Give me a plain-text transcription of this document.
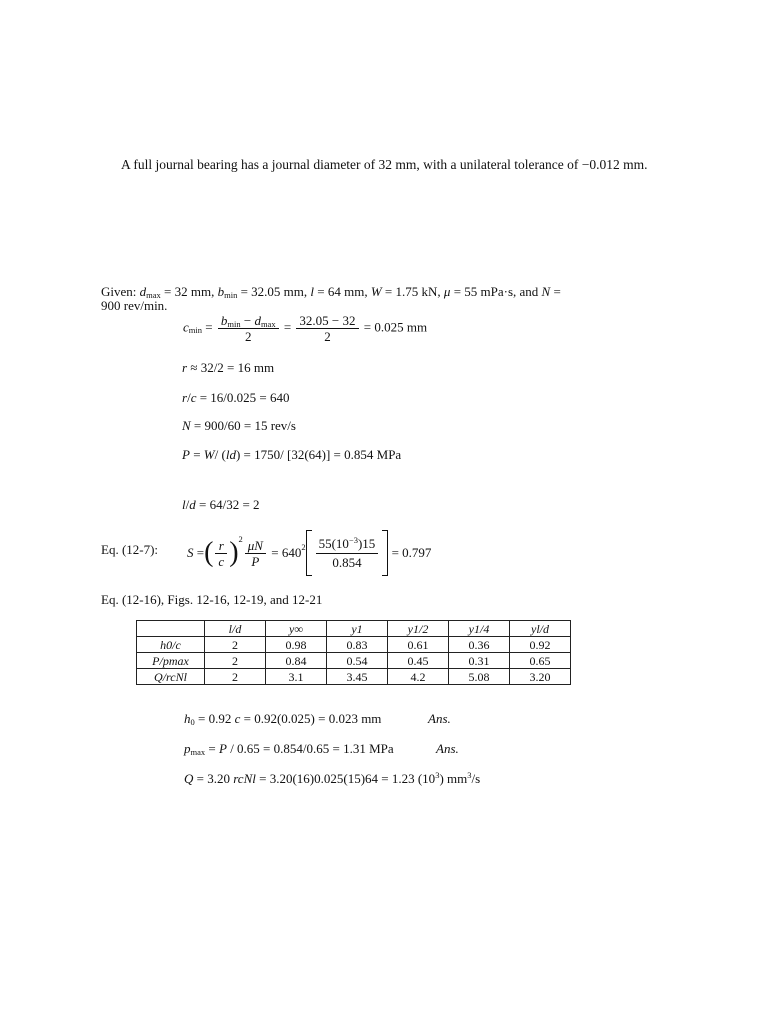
A full journal bearing has a journal diameter of 32 mm, with a unilateral tolerance of −0.012 mm.
Given: $d_{max} = 32$ mm, $b_{min} = 32.05$ mm, l = 64 mm, W = 1.75 kN, μ = 55 mPa·s, and N =
900 rev/min.
$c_{min} = \frac{b_{min} - d_{max}}{2} = \frac{32.05 - 32}{2} = 0.025$ mm
r ≈ 32/2 = 16 mm
r/c = 16/0.025 = 640
N = 900/60 = 15 rev/s
P = W/ (ld) = 1750/ [32(64)] = 0.854 MPa
l/d = 64/32 = 2
Eq. (12-7): S =( $\frac{r}{c} )^2 \frac{\mu N}{P} = 640^2 \frac{55(10^{-3})15}{0.854} = 0.797$
Eq. (12-16), Figs. 12-16, 12-19, and 12-21
	l/d	y∞	y1	y1/2	y1/4	yl/d
h0/c	2	0.98	0.83	0.61	0.36	0.92
P/pmax	2	0.84	0.54	0.45	0.31	0.65
Q/rcNl	2	3.1	3.45	4.2	5.08	3.20
$h_0 = 0.92$ c = 0.92(0.025) = 0.023 mm	Ans.
$p_{max} = P / 0.65 = 0.854/0.65 = 1.31$ MPa	Ans.
Q = 3.20 rcNl = 3.20(16)0.025(15)64 = 1.23 $(10^3)$ $mm^3/s$
